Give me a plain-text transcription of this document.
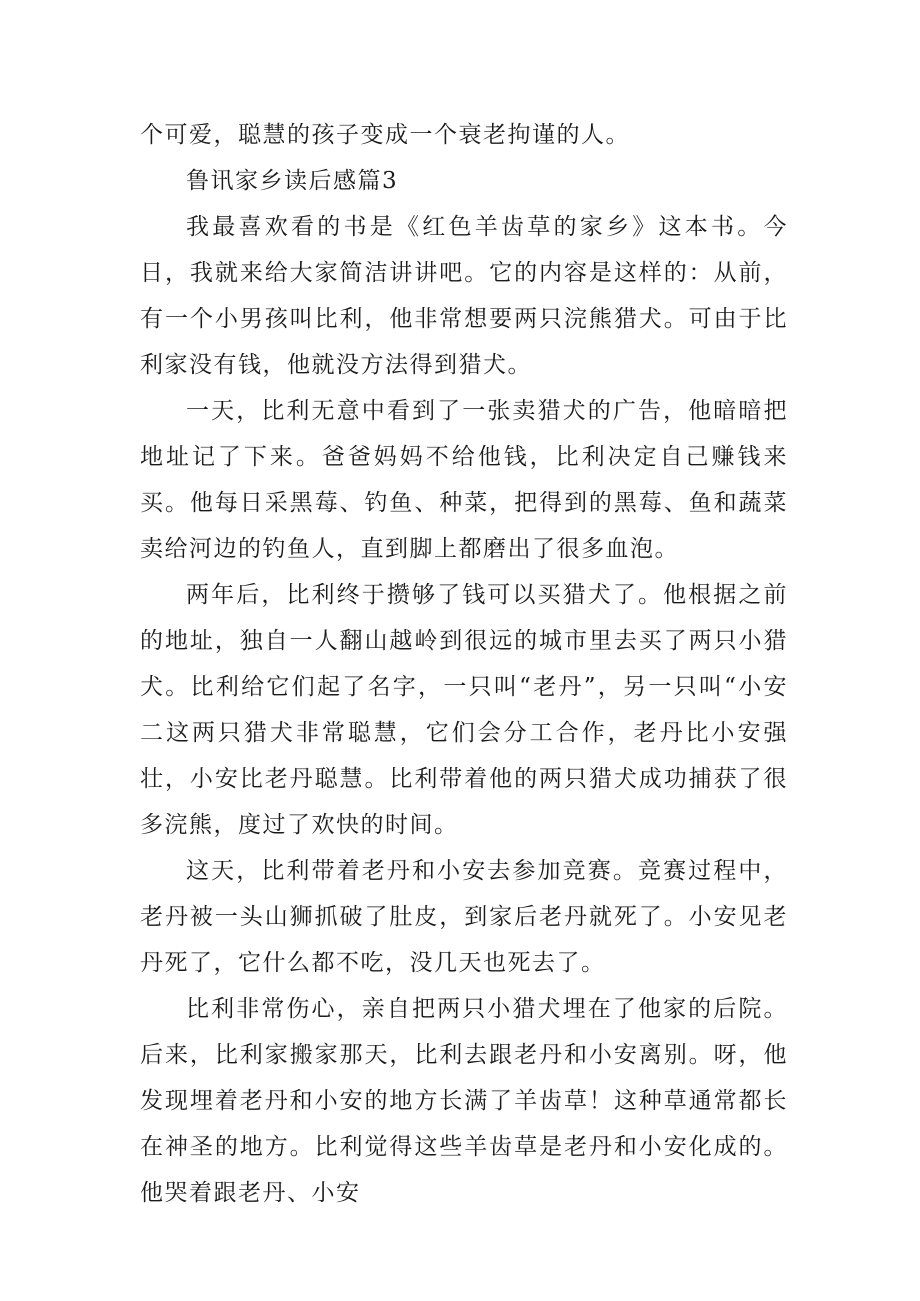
个可爱，聪慧的孩子变成一个衰老拘谨的人。

鲁讯家乡读后感篇3

我最喜欢看的书是《红色羊齿草的家乡》这本书。今日，我就来给大家简洁讲讲吧。它的内容是这样的：从前，有一个小男孩叫比利，他非常想要两只浣熊猎犬。可由于比利家没有钱，他就没方法得到猎犬。

一天，比利无意中看到了一张卖猎犬的广告，他暗暗把地址记了下来。爸爸妈妈不给他钱，比利决定自己赚钱来买。他每日采黑莓、钓鱼、种菜，把得到的黑莓、鱼和蔬菜卖给河边的钓鱼人，直到脚上都磨出了很多血泡。

两年后，比利终于攒够了钱可以买猎犬了。他根据之前的地址，独自一人翻山越岭到很远的城市里去买了两只小猎犬。比利给它们起了名字，一只叫“老丹”，另一只叫“小安二这两只猎犬非常聪慧，它们会分工合作，老丹比小安强壮，小安比老丹聪慧。比利带着他的两只猎犬成功捕获了很多浣熊，度过了欢快的时间。

这天，比利带着老丹和小安去参加竞赛。竞赛过程中，老丹被一头山狮抓破了肚皮，到家后老丹就死了。小安见老丹死了，它什么都不吃，没几天也死去了。

比利非常伤心，亲自把两只小猎犬埋在了他家的后院。后来，比利家搬家那天，比利去跟老丹和小安离别。呀，他发现埋着老丹和小安的地方长满了羊齿草！这种草通常都长在神圣的地方。比利觉得这些羊齿草是老丹和小安化成的。他哭着跟老丹、小安
